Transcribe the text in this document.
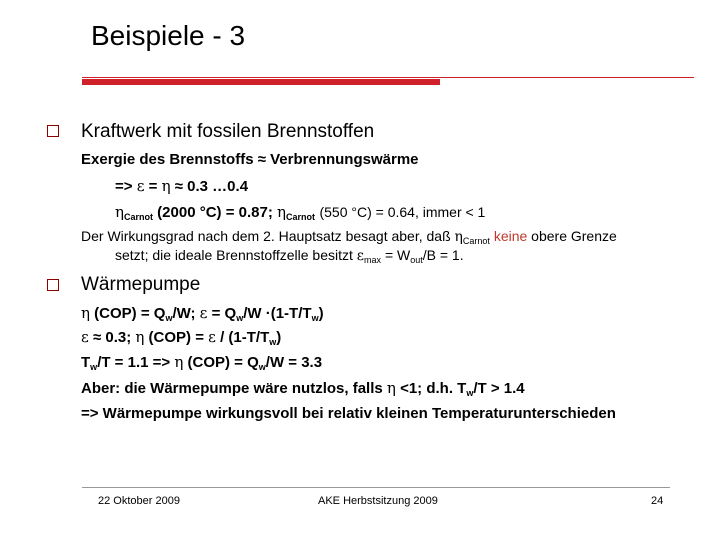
Beispiele - 3
Kraftwerk mit fossilen Brennstoffen
Exergie des Brennstoffs ≈ Verbrennungswärme
=> ε = η ≈ 0.3 …0.4
$\eta_{Carnot}$ (2000 °C) = 0.87; $\eta_{Carnot}$ (550 °C) = 0.64, immer < 1
Der Wirkungsgrad nach dem 2. Hauptsatz besagt aber, daß $\eta_{Carnot}$ keine obere Grenze
setzt; die ideale Brennstoffzelle besitzt $\varepsilon_{max} = W_{out}/B = 1$.
Wärmepumpe
η $(COP) = Q_w/W$; $\varepsilon = Q_w/W \cdot(1-T/T_w)$
ε ≈ 0.3; η $(COP) = \varepsilon / (1-T/T_w)$
$T_w/T = 1.1 => \eta$ $(COP) = Q_w/W = 3.3$
Aber: die Wärmepumpe wäre nutzlos, falls η <1; d.h. $T_w/T > 1.4$
=> Wärmepumpe wirkungsvoll bei relativ kleinen Temperaturunterschieden
22 Oktober 2009	AKE Herbstsitzung 2009	24
